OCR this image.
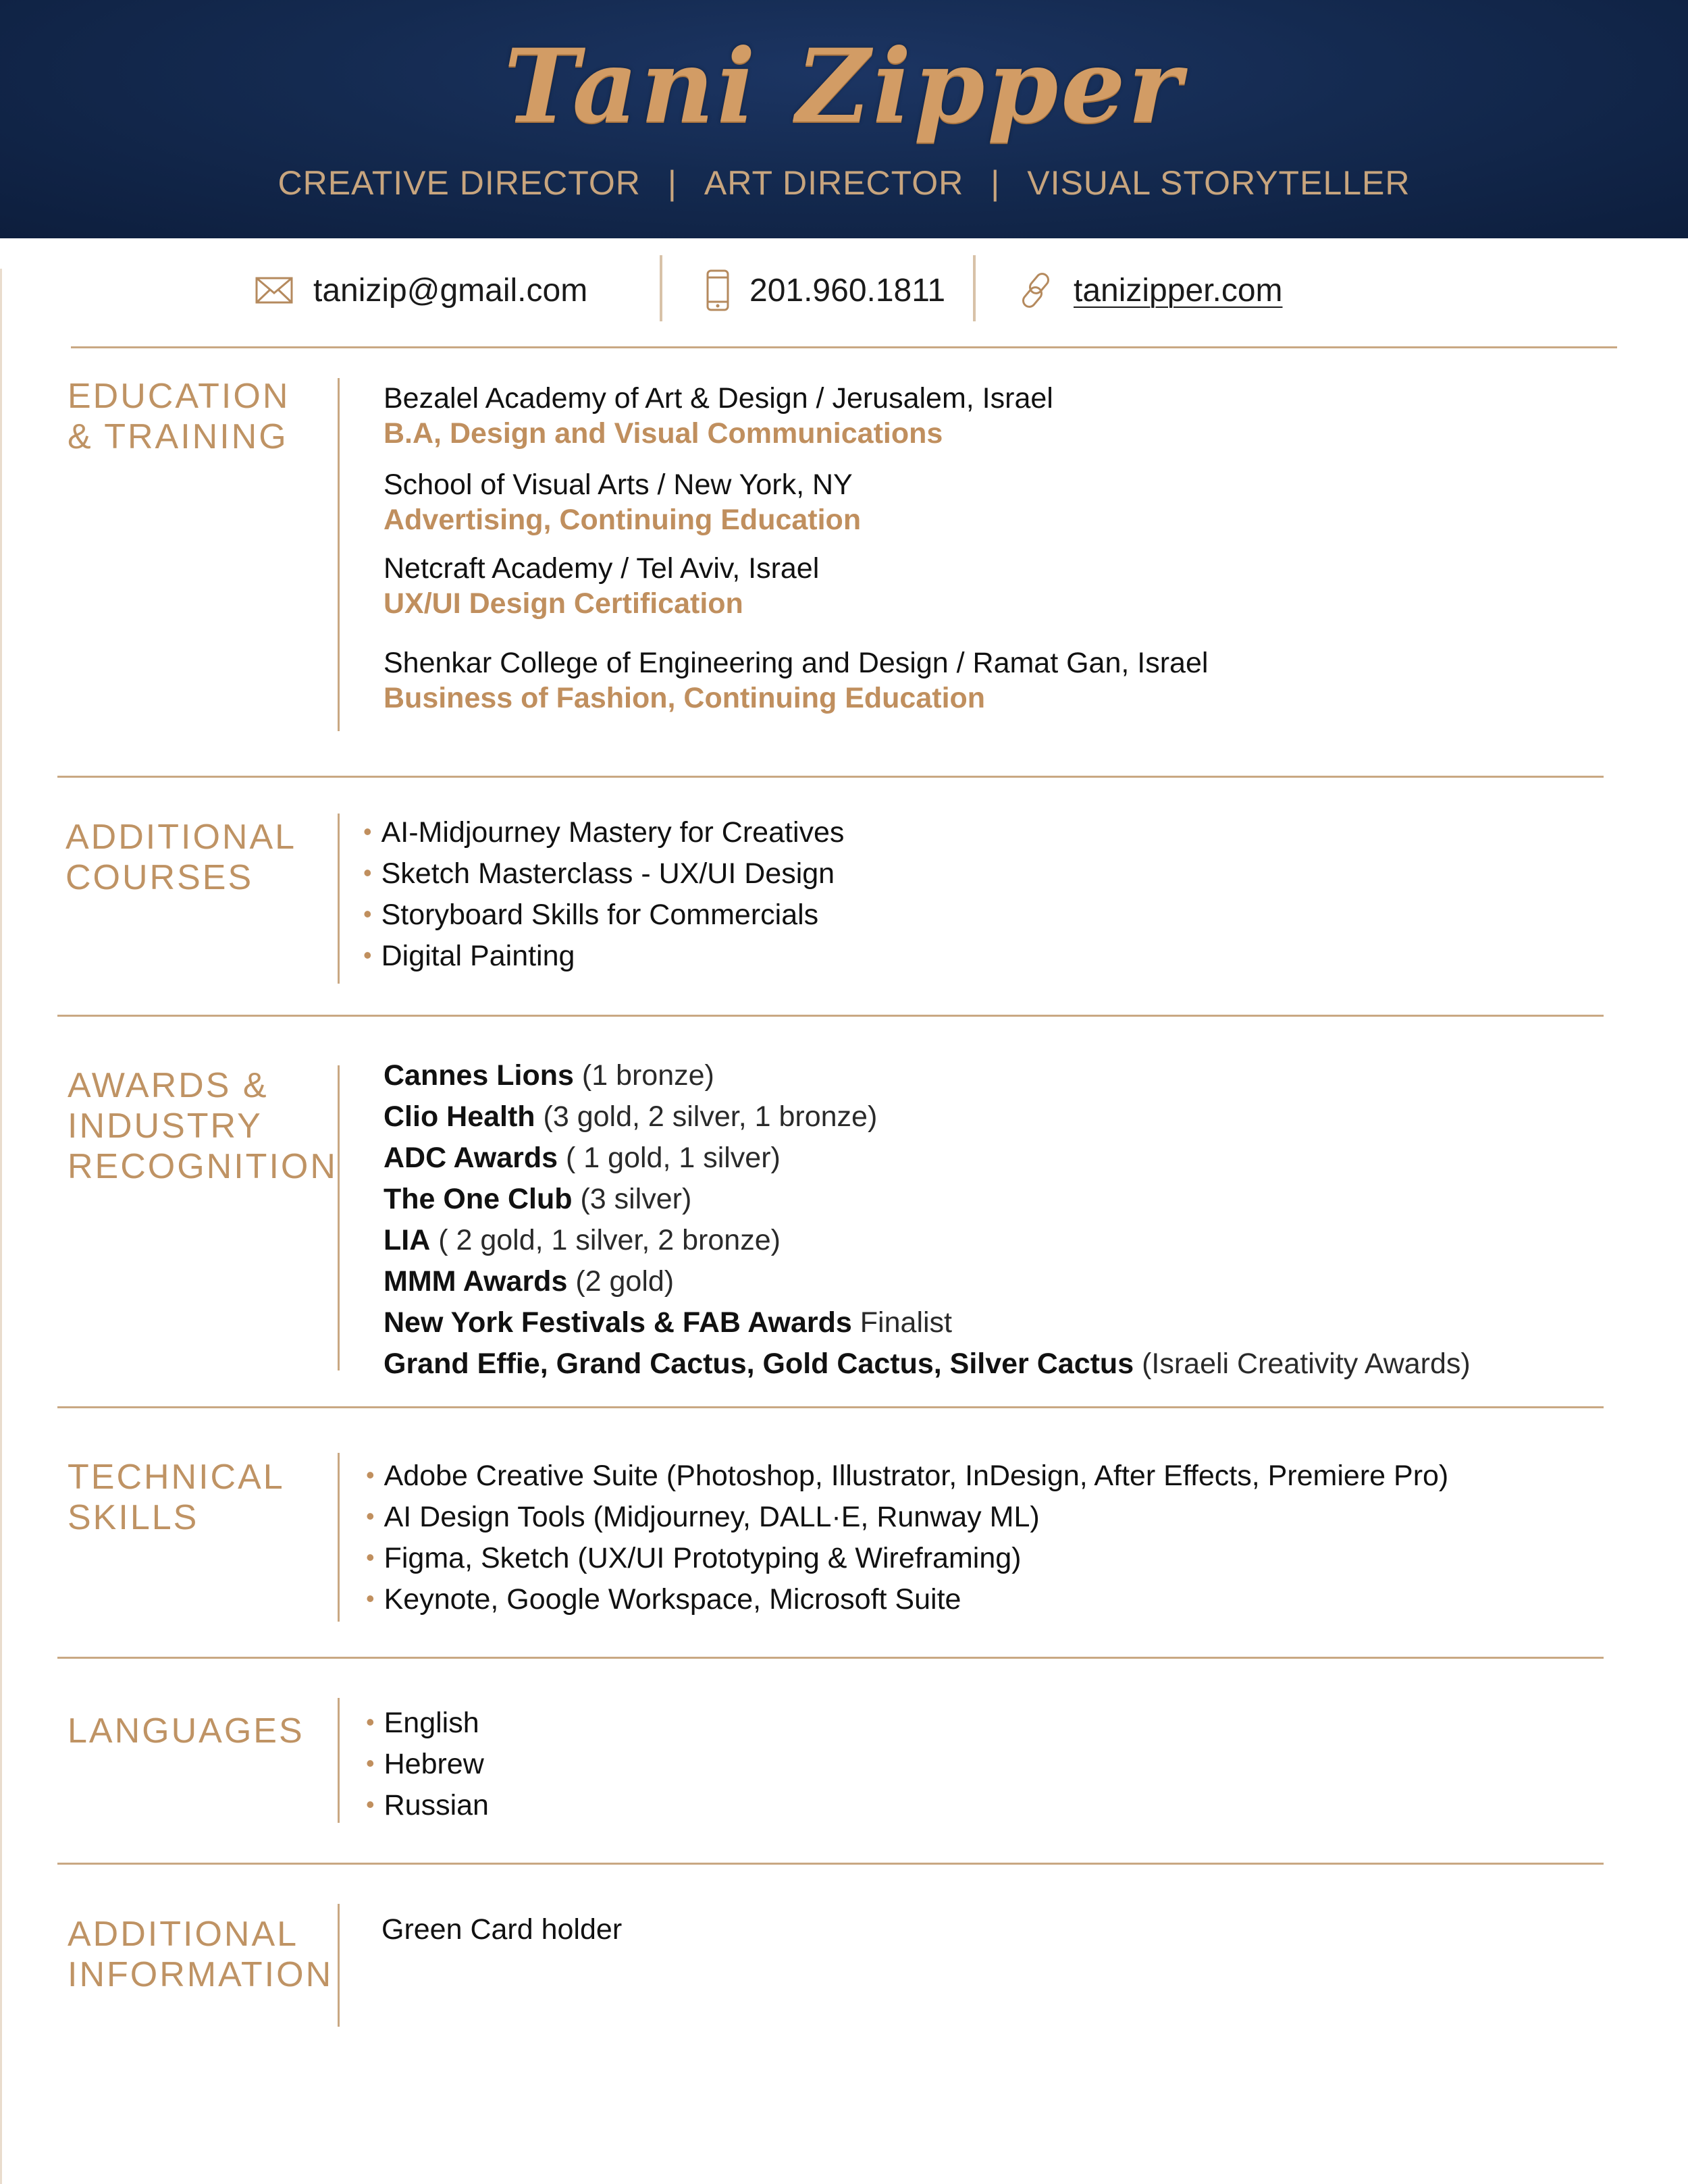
Tani Zipper
CREATIVE DIRECTOR | ART DIRECTOR | VISUAL STORYTELLER
tanizip@gmail.com	201.960.1811	tanizipper.com
EDUCATION
& TRAINING
Bezalel Academy of Art & Design / Jerusalem, Israel
B.A, Design and Visual Communications
School of Visual Arts / New York, NY
Advertising, Continuing Education
Netcraft Academy / Tel Aviv, Israel
UX/UI Design Certification
Shenkar College of Engineering and Design / Ramat Gan, Israel
Business of Fashion, Continuing Education
ADDITIONAL
COURSES
• AI-Midjourney Mastery for Creatives
• Sketch Masterclass - UX/UI Design
• Storyboard Skills for Commercials
• Digital Painting
AWARDS &
INDUSTRY
RECOGNITION
Cannes Lions (1 bronze)
Clio Health (3 gold, 2 silver, 1 bronze)
ADC Awards ( 1 gold, 1 silver)
The One Club (3 silver)
LIA ( 2 gold, 1 silver, 2 bronze)
MMM Awards (2 gold)
New York Festivals & FAB Awards Finalist
Grand Effie, Grand Cactus, Gold Cactus, Silver Cactus (Israeli Creativity Awards)
TECHNICAL
SKILLS
• Adobe Creative Suite (Photoshop, Illustrator, InDesign, After Effects, Premiere Pro)
• AI Design Tools (Midjourney, DALL·E, Runway ML)
• Figma, Sketch (UX/UI Prototyping & Wireframing)
• Keynote, Google Workspace, Microsoft Suite
LANGUAGES	• English
• Hebrew
• Russian
ADDITIONAL
INFORMATION
Green Card holder
